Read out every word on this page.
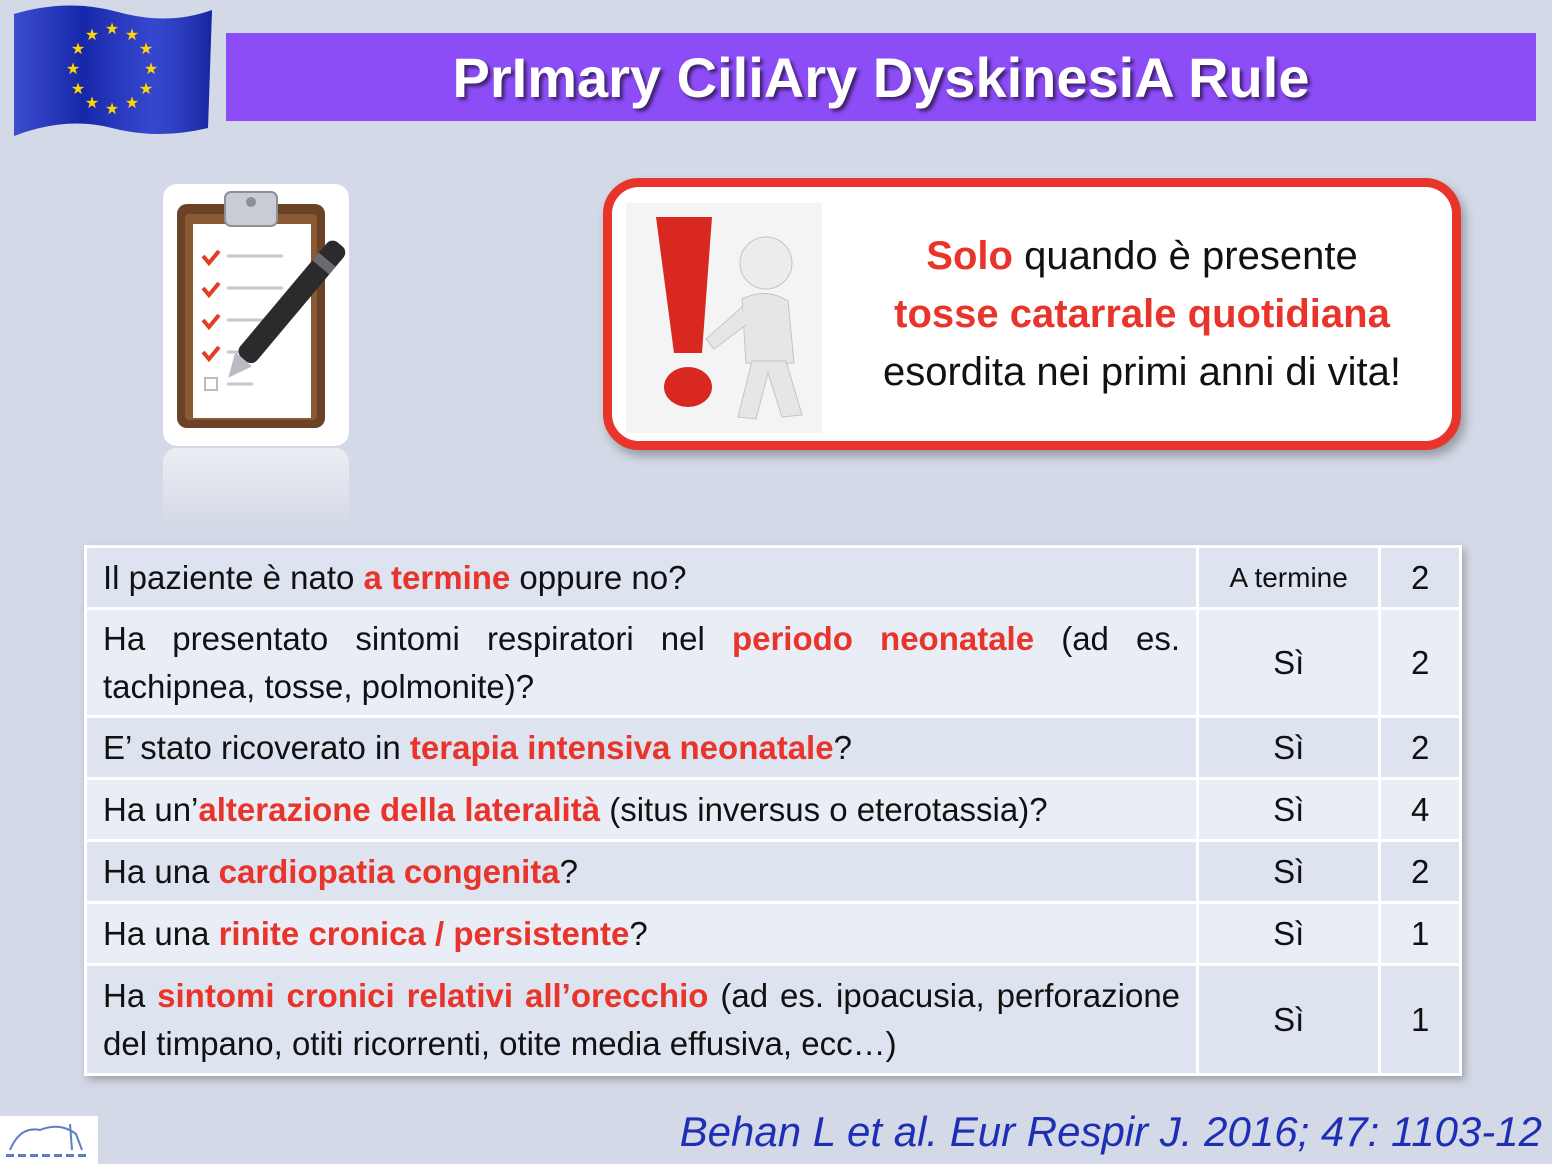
★ ★
★
★
★
★
★
★
★
★
★
★
PrImary CiliAry DyskinesiA Rule
Solo quando è presente
tosse catarrale quotidiana
esordita nei primi anni di vita!
Il paziente è nato a termine oppure no?	A termine	2
Ha presentato sintomi respiratori nel periodo neonatale (ad es. tachipnea, tosse, polmonite)?	Sì	2
E’ stato ricoverato in terapia intensiva neonatale?	Sì	2
Ha un’alterazione della lateralità (situs inversus o eterotassia)?	Sì	4
Ha una cardiopatia congenita?	Sì	2
Ha una rinite cronica / persistente?	Sì	1
Ha sintomi cronici relativi all’orecchio (ad es. ipoacusia, perforazione del timpano, otiti ricorrenti, otite media effusiva, ecc…)	Sì	1
Behan L et al. Eur Respir J. 2016; 47: 1103-12
